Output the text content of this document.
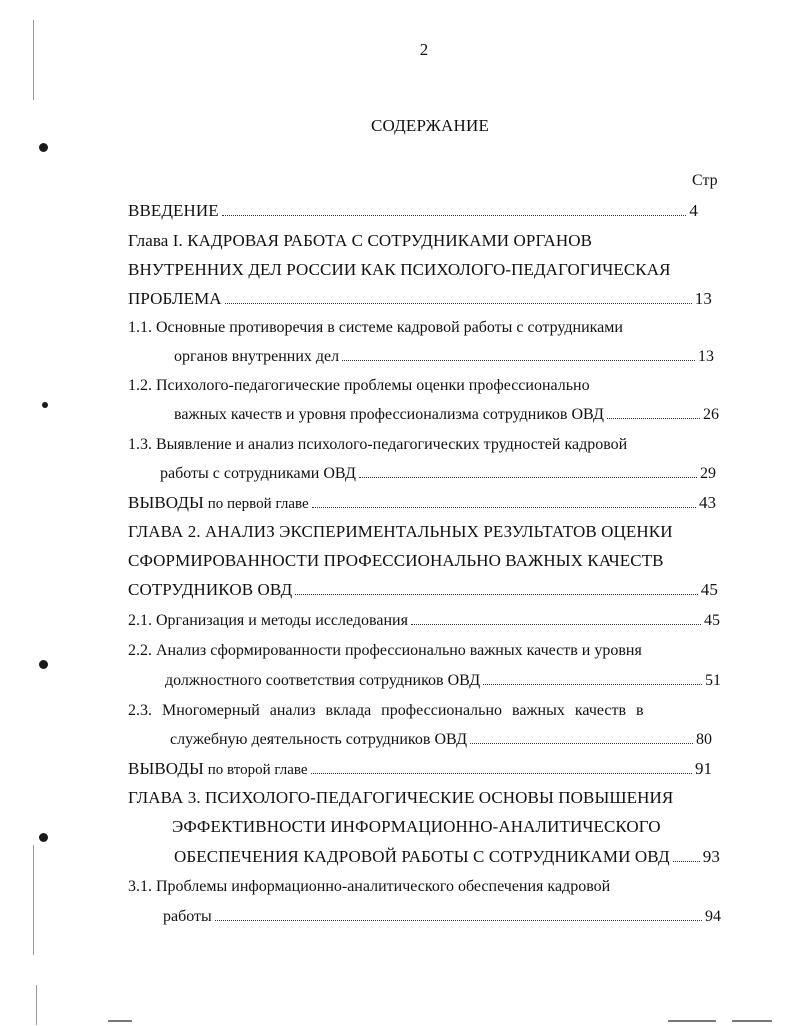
2
СОДЕРЖАНИЕ
Стр
ВВЕДЕНИЕ	4
Глава I. КАДРОВАЯ РАБОТА С СОТРУДНИКАМИ ОРГАНОВ
ВНУТРЕННИХ ДЕЛ РОССИИ КАК ПСИХОЛОГО-ПЕДАГОГИЧЕСКАЯ
ПРОБЛЕМА	13
1.1. Основные противоречия в системе кадровой работы с сотрудниками
органов внутренних дел	13
1.2. Психолого-педагогические проблемы оценки профессионально
важных качеств и уровня профессионализма сотрудников ОВД	26
1.3. Выявление и анализ психолого-педагогических трудностей кадровой
работы с сотрудниками ОВД	29
ВЫВОДЫ по первой главе	43
ГЛАВА 2. АНАЛИЗ ЭКСПЕРИМЕНТАЛЬНЫХ РЕЗУЛЬТАТОВ ОЦЕНКИ
СФОРМИРОВАННОСТИ ПРОФЕССИОНАЛЬНО ВАЖНЫХ КАЧЕСТВ
СОТРУДНИКОВ ОВД	45
2.1. Организация и методы исследования	45
2.2. Анализ сформированности профессионально важных качеств и уровня
должностного соответствия сотрудников ОВД	51
2.3. Многомерный анализ вклада профессионально важных качеств в
служебную деятельность сотрудников ОВД	80
ВЫВОДЫ по второй главе	91
ГЛАВА 3. ПСИХОЛОГО-ПЕДАГОГИЧЕСКИЕ ОСНОВЫ ПОВЫШЕНИЯ
ЭФФЕКТИВНОСТИ ИНФОРМАЦИОННО-АНАЛИТИЧЕСКОГО
ОБЕСПЕЧЕНИЯ КАДРОВОЙ РАБОТЫ С СОТРУДНИКАМИ ОВД 93
3.1. Проблемы информационно-аналитического обеспечения кадровой
работы	94
